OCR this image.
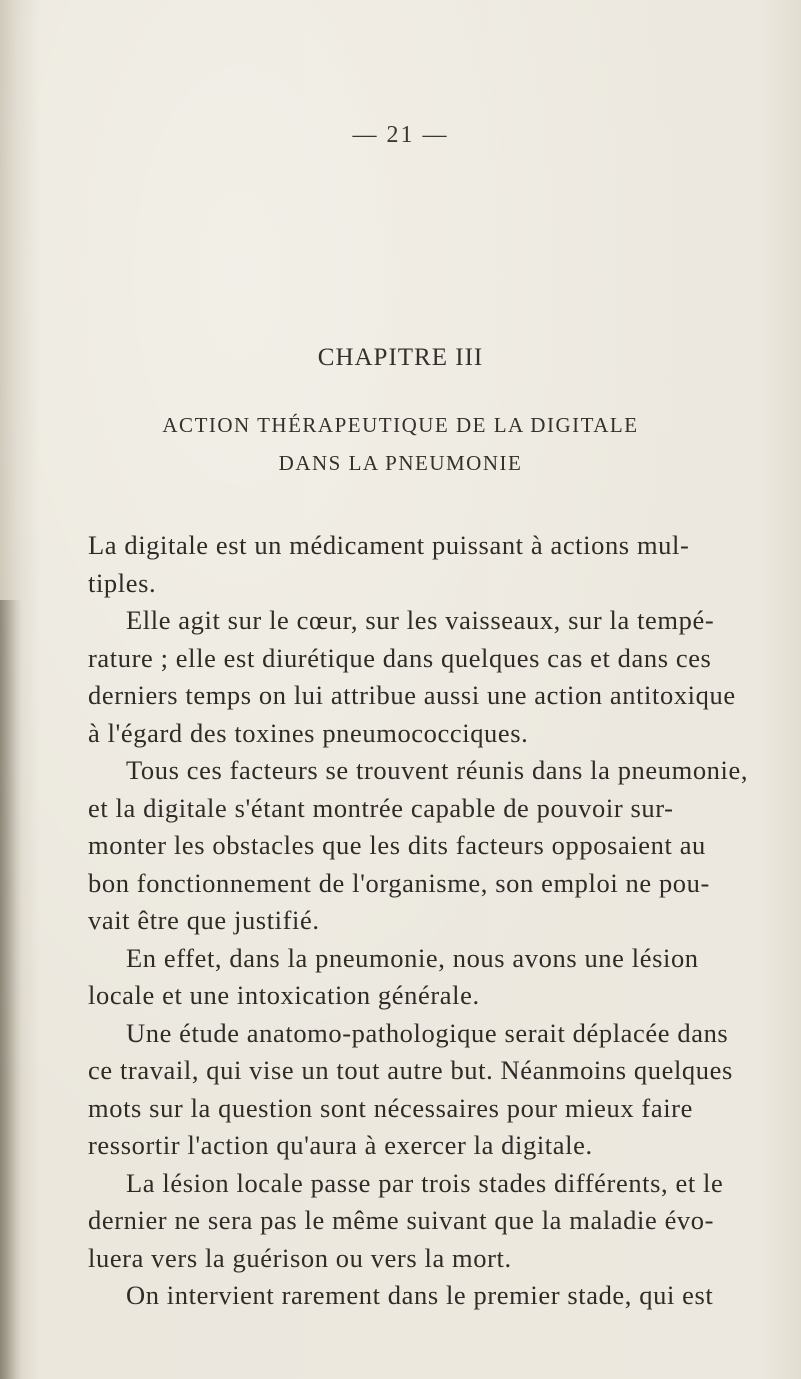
— 21 —
CHAPITRE III
ACTION THÉRAPEUTIQUE DE LA DIGITALE
DANS LA PNEUMONIE
La digitale est un médicament puissant à actions mul-
tiples.
Elle agit sur le cœur, sur les vaisseaux, sur la tempé-
rature ; elle est diurétique dans quelques cas et dans ces
derniers temps on lui attribue aussi une action antitoxique
à l'égard des toxines pneumococciques.
Tous ces facteurs se trouvent réunis dans la pneumonie,
et la digitale s'étant montrée capable de pouvoir sur-
monter les obstacles que les dits facteurs opposaient au
bon fonctionnement de l'organisme, son emploi ne pou-
vait être que justifié.
En effet, dans la pneumonie, nous avons une lésion
locale et une intoxication générale.
Une étude anatomo-pathologique serait déplacée dans
ce travail, qui vise un tout autre but. Néanmoins quelques
mots sur la question sont nécessaires pour mieux faire
ressortir l'action qu'aura à exercer la digitale.
La lésion locale passe par trois stades différents, et le
dernier ne sera pas le même suivant que la maladie évo-
luera vers la guérison ou vers la mort.
On intervient rarement dans le premier stade, qui est
